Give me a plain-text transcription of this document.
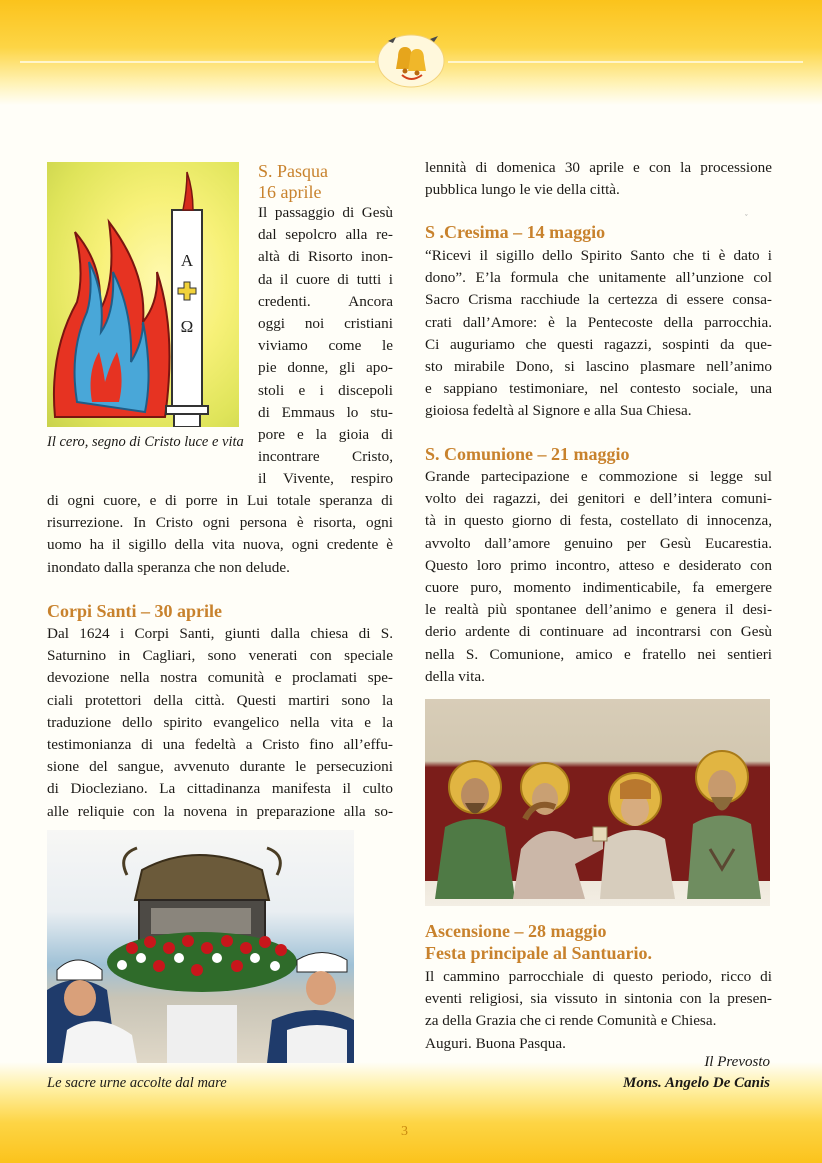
3
ˇ
A
Ω

Il cero, segno di Cristo luce e vita

S. Pasqua
16 aprile
Il passaggio di Gesù
dal sepolcro alla re-
altà di Risorto inon-
da il cuore di tutti i
credenti. Ancora
oggi noi cristiani
viviamo come le
pie donne, gli apo-
stoli e i discepoli
di Emmaus lo stu-
pore e la gioia di
incontrare Cristo,
il Vivente, respiro
di ogni cuore, e di porre in Lui totale speranza di
risurrezione. In Cristo ogni persona è risorta, ogni
uomo ha il sigillo della vita nuova, ogni credente è
inondato dalla speranza che non delude.
Corpi Santi – 30 aprile
Dal 1624 i Corpi Santi, giunti dalla chiesa di S.
Saturnino in Cagliari, sono venerati con speciale
devozione nella nostra comunità e proclamati spe-
ciali protettori della città. Questi martiri sono la
traduzione dello spirito evangelico nella vita e la
testimonianza di una fedeltà a Cristo fino all’effu-
sione del sangue, avvenuto durante le persecuzioni
di Diocleziano. La cittadinanza manifesta il culto
alle reliquie con la novena in preparazione alla so-

Le sacre urne accolte dal mare

lennità di domenica 30 aprile e con la processione
pubblica lungo le vie della città.
S .Cresima – 14 maggio
“Ricevi il sigillo dello Spirito Santo che ti è dato i
dono”. E’la formula che unitamente all’unzione col
Sacro Crisma racchiude la certezza di essere consa-
crati dall’Amore: è la Pentecoste della parrocchia.
Ci auguriamo che questi ragazzi, sospinti da que-
sto mirabile Dono, si lascino plasmare nell’animo
e sappiano testimoniare, nel contesto sociale, una
gioiosa fedeltà al Signore e alla Sua Chiesa.
S. Comunione – 21 maggio
Grande partecipazione e commozione si legge sul
volto dei ragazzi, dei genitori e dell’intera comuni-
tà in questo giorno di festa, costellato di innocenza,
avvolto dall’amore genuino per Gesù Eucarestia.
Questo loro primo incontro, atteso e desiderato con
cuore puro, momento indimenticabile, fa emergere
le realtà più spontanee dell’animo e genera il desi-
derio ardente di continuare ad incontrarsi con Gesù
nella S. Comunione, amico e fratello nei sentieri
della vita.
Ascensione – 28 maggio
Festa principale al Santuario.
Il cammino parrocchiale di questo periodo, ricco di
eventi religiosi, sia vissuto in sintonia con la presen-
za della Grazia che ci rende Comunità e Chiesa.
Auguri. Buona Pasqua.
Il Prevosto
Mons. Angelo De Canis
